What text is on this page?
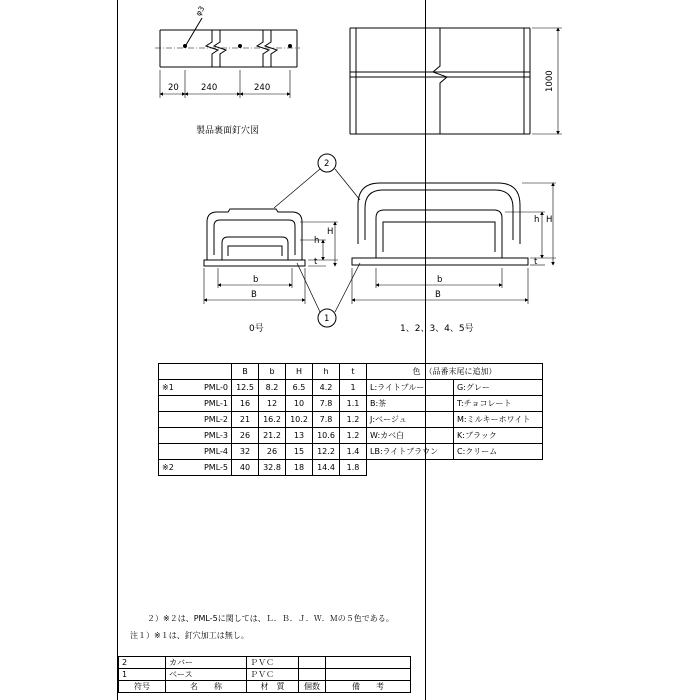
φ3
20	240	240	1000
製品裏面釘穴図
2
1
b
B
h
H
t
b
B
h H
t
0号	1、2、3、4、5号
		B	b	H	h	t	色　（品番末尾に追加）	
※1	PML-0	12.5	8.2	6.5	4.2	1	L:ライトブルー	G:グレー
	PML-1	16	12	10	7.8	1.1	B:茶	T:チョコレート
	PML-2	21	16.2	10.2	7.8	1.2	J:ベージュ	M:ミルキーホワイト
	PML-3	26	21.2	13	10.6	1.2	W:カベ白	K:ブラック
	PML-4	32	26	15	12.2	1.4	LB:ライトブラウン	C:クリーム
※2	PML-5	40	32.8	18	14.4	1.8		
２）※２は、PML-5に関しては、Ｌ．Ｂ．Ｊ．Ｗ．Ｍの５色である。
注１）※１は、釘穴加工は無し。
2	カバー	ＰＶＣ		
1	ベース	ＰＶＣ		
符号	名　　称	材　質	個数	備　　考
